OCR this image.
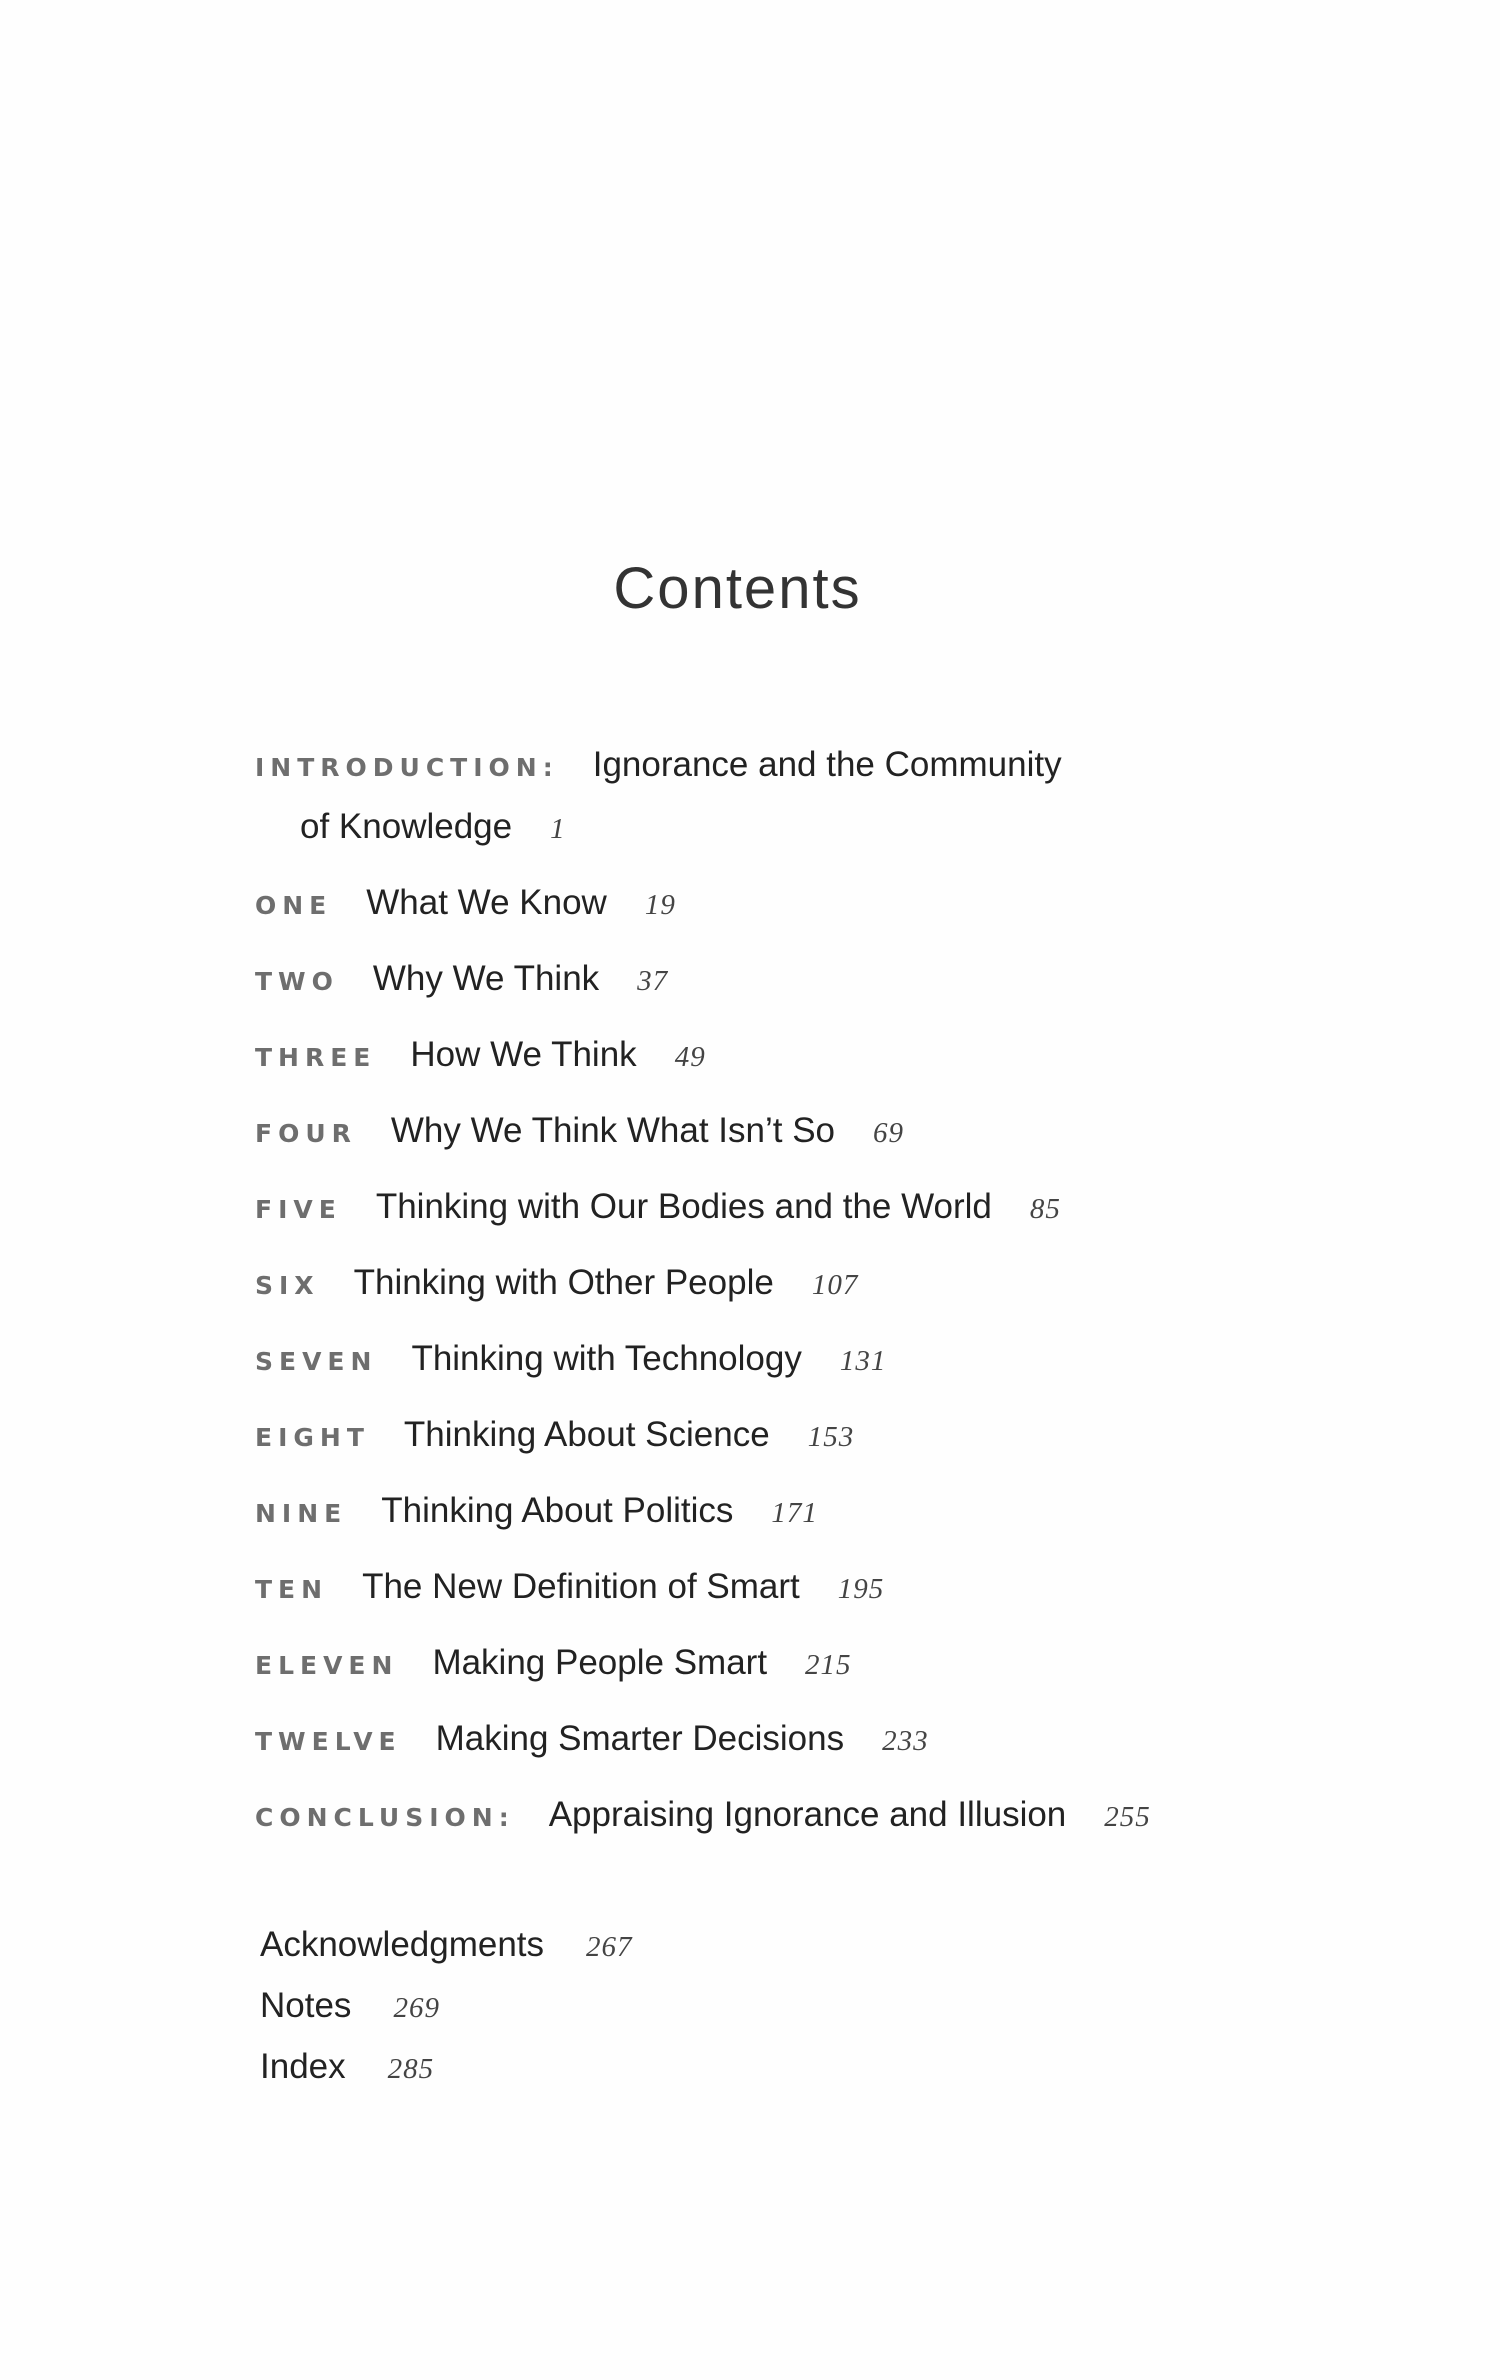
Contents
INTRODUCTION: Ignorance and the Community
of Knowledge 1
ONE What We Know 19
TWO Why We Think 37
THREE How We Think 49
FOUR Why We Think What Isn’t So 69
FIVE Thinking with Our Bodies and the World 85
SIX Thinking with Other People 107
SEVEN Thinking with Technology 131
EIGHT Thinking About Science 153
NINE Thinking About Politics 171
TEN The New Definition of Smart 195
ELEVEN Making People Smart 215
TWELVE Making Smarter Decisions 233
CONCLUSION: Appraising Ignorance and Illusion 255
Acknowledgments 267
Notes 269
Index 285
